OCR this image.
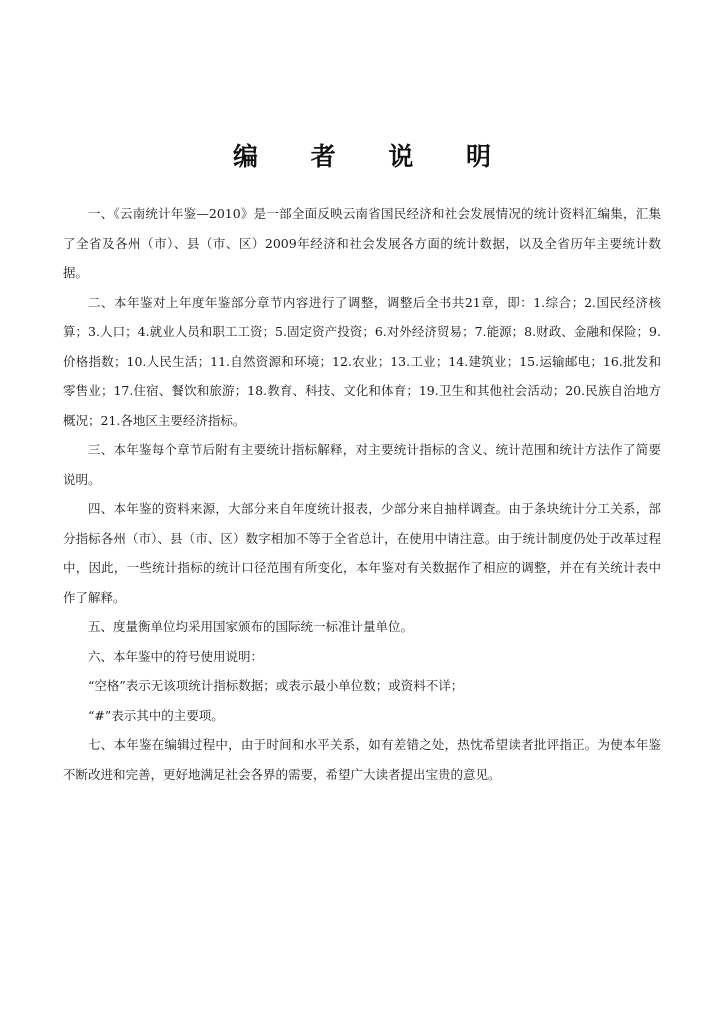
编 者 说 明

一、《云南统计年鉴—2010》是一部全面反映云南省国民经济和社会发展情况的统计资料汇编集，汇集了全省及各州（市）、县（市、区）2009年经济和社会发展各方面的统计数据，以及全省历年主要统计数据。

二、本年鉴对上年度年鉴部分章节内容进行了调整，调整后全书共21章，即：1.综合；2.国民经济核算；3.人口；4.就业人员和职工工资；5.固定资产投资；6.对外经济贸易；7.能源；8.财政、金融和保险；9.价格指数；10.人民生活；11.自然资源和环境；12.农业；13.工业；14.建筑业；15.运输邮电；16.批发和零售业；17.住宿、餐饮和旅游；18.教育、科技、文化和体育；19.卫生和其他社会活动；20.民族自治地方概况；21.各地区主要经济指标。

三、本年鉴每个章节后附有主要统计指标解释，对主要统计指标的含义、统计范围和统计方法作了简要说明。

四、本年鉴的资料来源，大部分来自年度统计报表，少部分来自抽样调查。由于条块统计分工关系，部分指标各州（市）、县（市、区）数字相加不等于全省总计，在使用中请注意。由于统计制度仍处于改革过程中，因此，一些统计指标的统计口径范围有所变化，本年鉴对有关数据作了相应的调整，并在有关统计表中作了解释。

五、度量衡单位均采用国家颁布的国际统一标准计量单位。

六、本年鉴中的符号使用说明：

“空格”表示无该项统计指标数据；或表示最小单位数；或资料不详；

“#”表示其中的主要项。

七、本年鉴在编辑过程中，由于时间和水平关系，如有差错之处，热忱希望读者批评指正。为使本年鉴不断改进和完善，更好地满足社会各界的需要，希望广大读者提出宝贵的意见。
